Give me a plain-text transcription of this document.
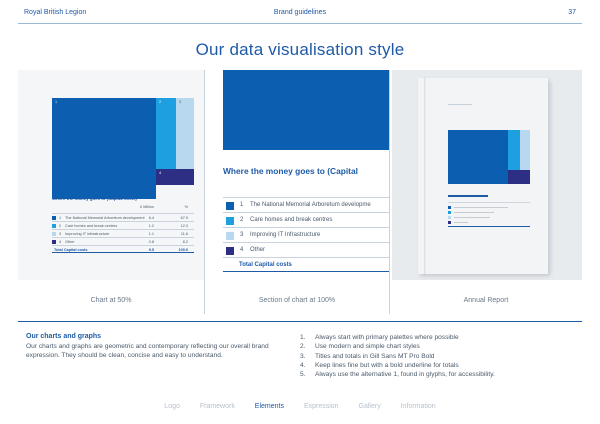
Royal British Legion	Brand guidelines	37
Our data visualisation style
1	2	3
4
Where the money goes to (Capital costs)
£ Million	%
1 The National Memorial Arboretum development	6.4	67.9
2 Care homes and break centres	1.2	12.3
3 Improving IT infrastructure	1.1	11.6
4 Other	0.8	8.2
Total Capital costs	9.5	100.0
Where the money goes to (Capital
1 The National Memorial Arboretum developme
2 Care homes and break centres
3 Improving IT Infrastructure
4 Other
Total Capital costs
Chart at 50%	Section of chart at 100%	Annual Report
Our charts and graphs
Our charts and graphs are geometric and contemporary reflecting our overall brand expression. They should be clean, concise and easy to understand.
1.	Always start with primary palettes where possible
2.	Use modern and simple chart styles
3.	Titles and totals in Gill Sans MT Pro Bold
4.	Keep lines fine but with a bold underline for totals
5.	Always use the alternative 1, found in glyphs, for accessibility.
Logo	Framework	Elements	Expression	Gallery	Information
